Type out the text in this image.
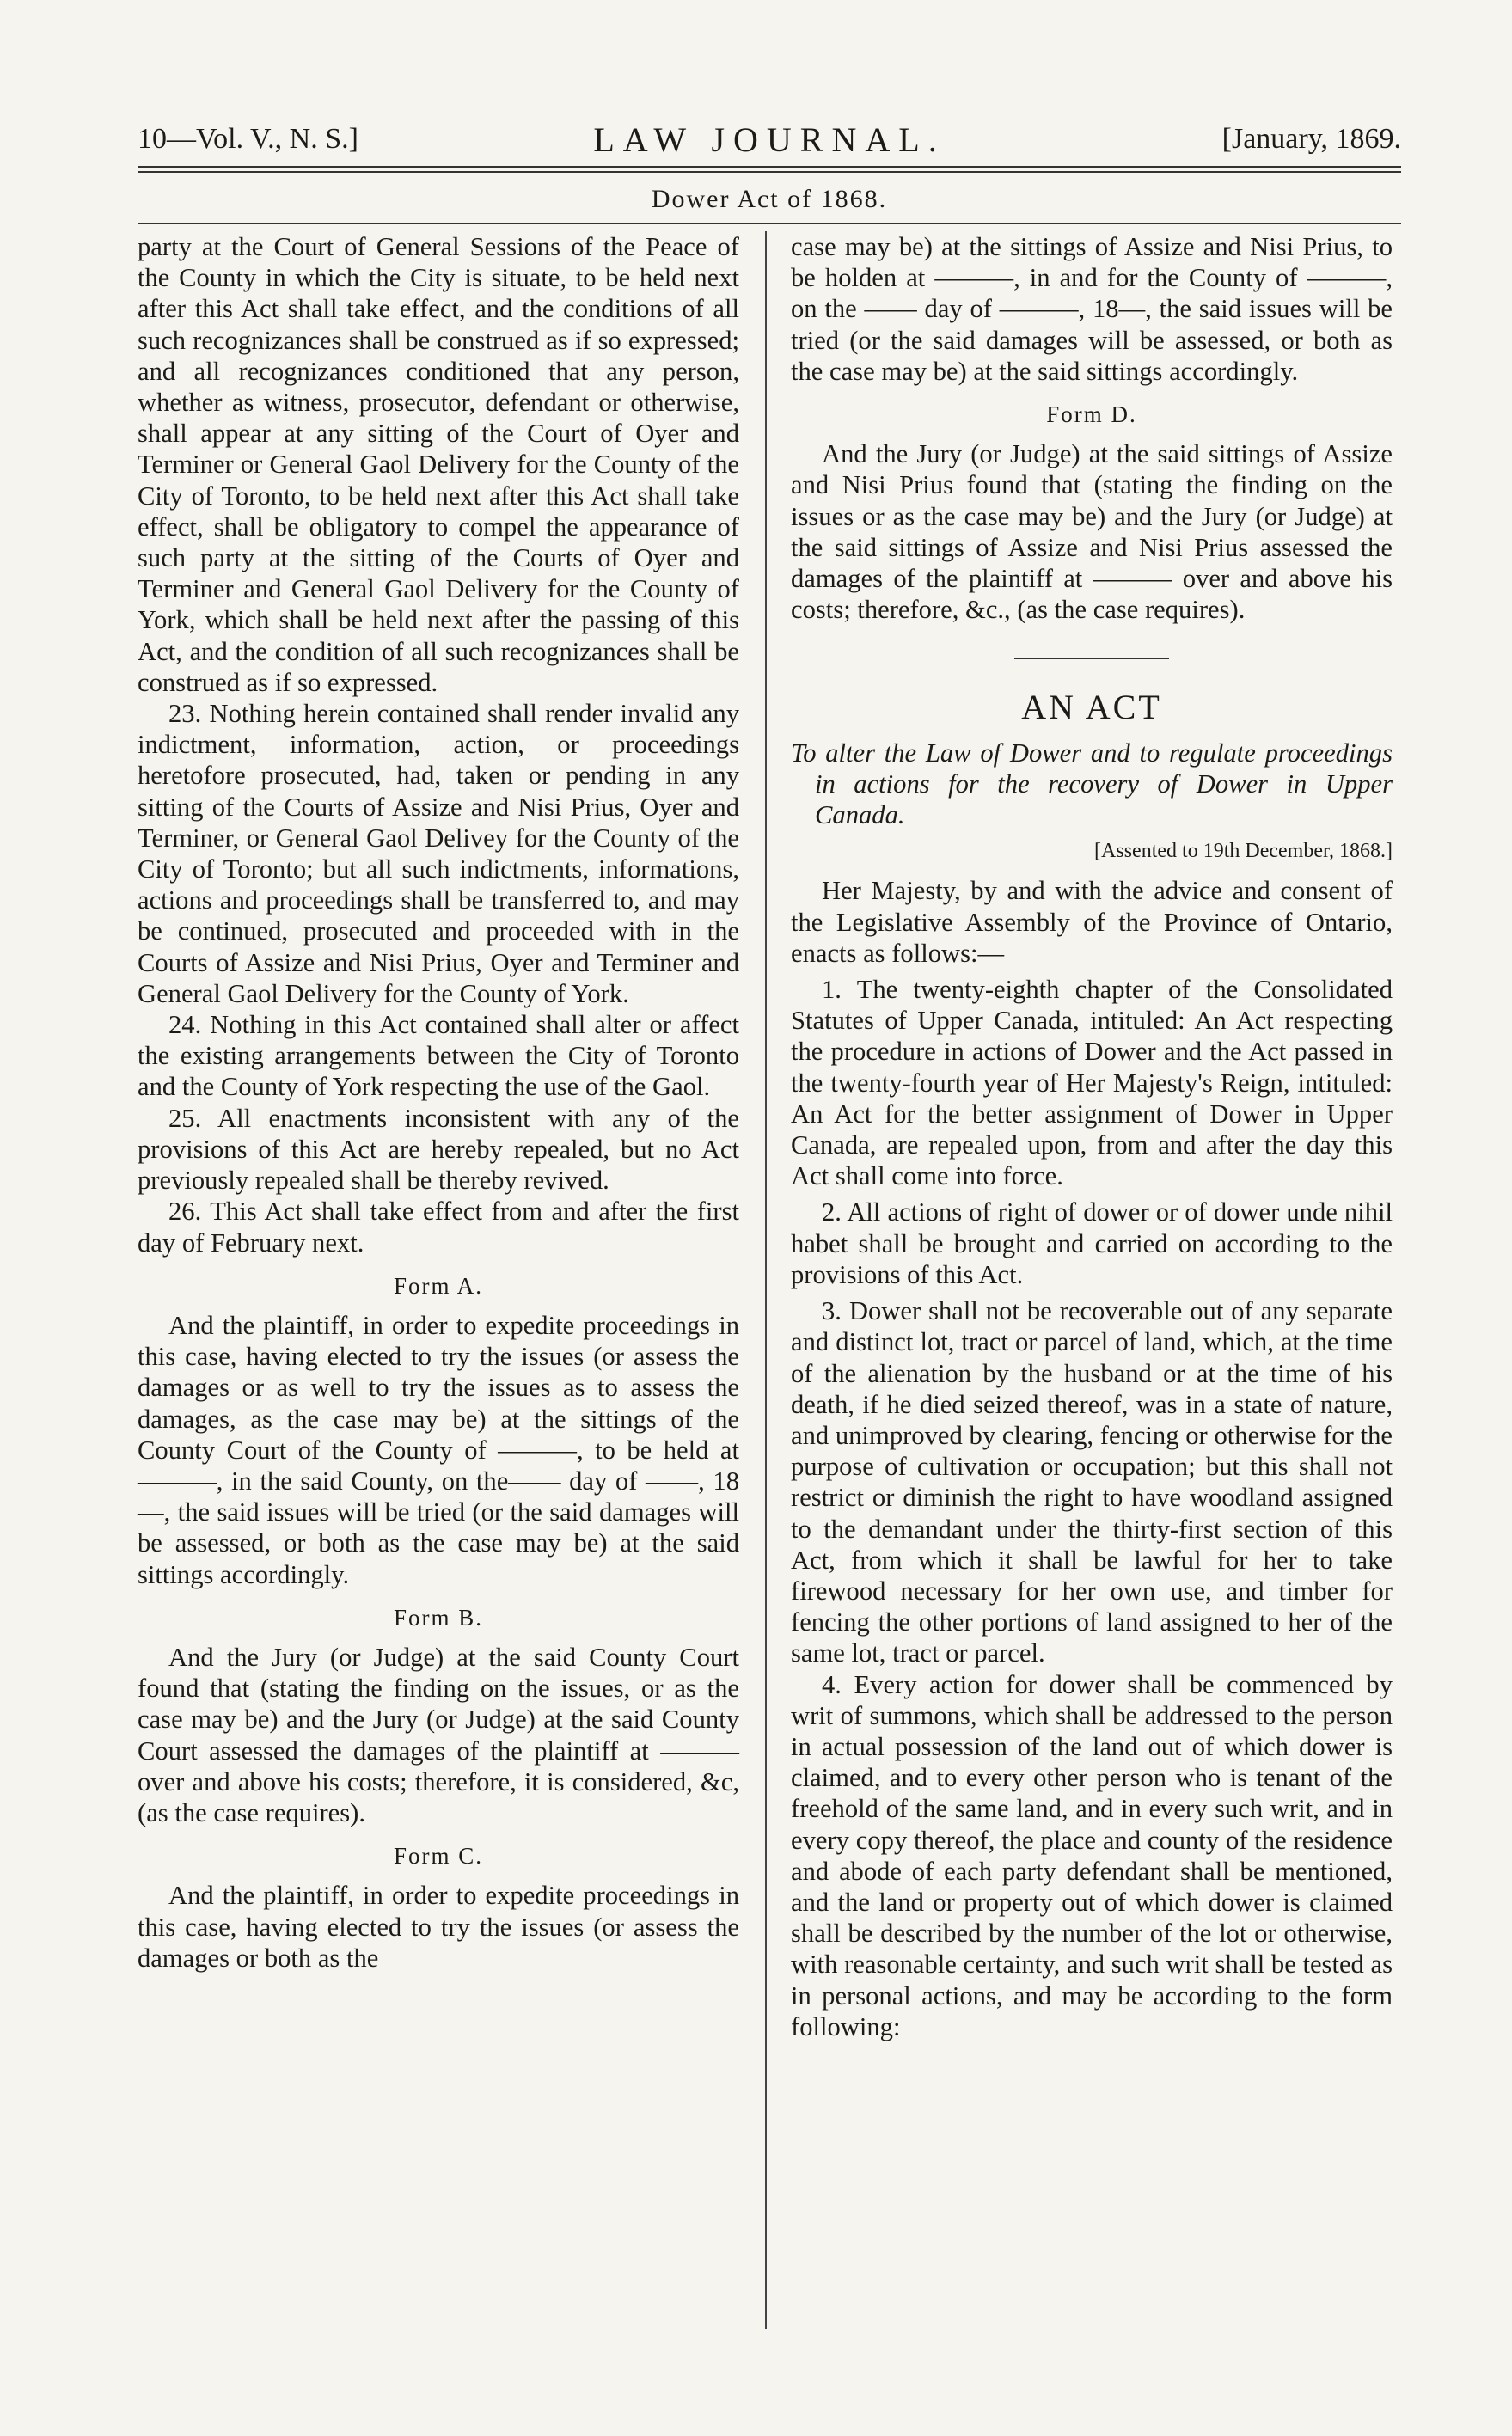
10—Vol. V., N. S.]	LAW JOURNAL.	[January, 1869.
Dower Act of 1868.

party at the Court of General Sessions of the Peace of the County in which the City is situate, to be held next after this Act shall take effect, and the conditions of all such recognizances shall be construed as if so expressed; and all recognizances conditioned that any person, whether as witness, prosecutor, defendant or otherwise, shall appear at any sitting of the Court of Oyer and Terminer or General Gaol Delivery for the County of the City of Toronto, to be held next after this Act shall take effect, shall be obligatory to compel the appearance of such party at the sitting of the Courts of Oyer and Terminer and General Gaol Delivery for the County of York, which shall be held next after the passing of this Act, and the condition of all such recognizances shall be construed as if so expressed.

23. Nothing herein contained shall render invalid any indictment, information, action, or proceedings heretofore prosecuted, had, taken or pending in any sitting of the Courts of Assize and Nisi Prius, Oyer and Terminer, or General Gaol Delivey for the County of the City of Toronto; but all such indictments, informations, actions and proceedings shall be transferred to, and may be continued, prosecuted and proceeded with in the Courts of Assize and Nisi Prius, Oyer and Terminer and General Gaol Delivery for the County of York.

24. Nothing in this Act contained shall alter or affect the existing arrangements between the City of Toronto and the County of York respecting the use of the Gaol.

25. All enactments inconsistent with any of the provisions of this Act are hereby repealed, but no Act previously repealed shall be thereby revived.

26. This Act shall take effect from and after the first day of February next.

Form A.

And the plaintiff, in order to expedite proceedings in this case, having elected to try the issues (or assess the damages or as well to try the issues as to assess the damages, as the case may be) at the sittings of the County Court of the County of ———, to be held at———, in the said County, on the—— day of ——, 18—, the said issues will be tried (or the said damages will be assessed, or both as the case may be) at the said sittings accordingly.

Form B.

And the Jury (or Judge) at the said County Court found that (stating the finding on the issues, or as the case may be) and the Jury (or Judge) at the said County Court assessed the damages of the plaintiff at ——— over and above his costs; therefore, it is considered, &c, (as the case requires).

Form C.

And the plaintiff, in order to expedite proceedings in this case, having elected to try the issues (or assess the damages or both as the

case may be) at the sittings of Assize and Nisi Prius, to be holden at ———, in and for the County of ———, on the —— day of ———, 18—, the said issues will be tried (or the said damages will be assessed, or both as the case may be) at the said sittings accordingly.

Form D.

And the Jury (or Judge) at the said sittings of Assize and Nisi Prius found that (stating the finding on the issues or as the case may be) and the Jury (or Judge) at the said sittings of Assize and Nisi Prius assessed the damages of the plaintiff at ——— over and above his costs; therefore, &c., (as the case requires).

AN ACT
To alter the Law of Dower and to regulate proceedings in actions for the recovery of Dower in Upper Canada.
[Assented to 19th December, 1868.]

Her Majesty, by and with the advice and consent of the Legislative Assembly of the Province of Ontario, enacts as follows:—

1. The twenty-eighth chapter of the Consolidated Statutes of Upper Canada, intituled: An Act respecting the procedure in actions of Dower and the Act passed in the twenty-fourth year of Her Majesty's Reign, intituled: An Act for the better assignment of Dower in Upper Canada, are repealed upon, from and after the day this Act shall come into force.

2. All actions of right of dower or of dower unde nihil habet shall be brought and carried on according to the provisions of this Act.

3. Dower shall not be recoverable out of any separate and distinct lot, tract or parcel of land, which, at the time of the alienation by the husband or at the time of his death, if he died seized thereof, was in a state of nature, and unimproved by clearing, fencing or otherwise for the purpose of cultivation or occupation; but this shall not restrict or diminish the right to have woodland assigned to the demandant under the thirty-first section of this Act, from which it shall be lawful for her to take firewood necessary for her own use, and timber for fencing the other portions of land assigned to her of the same lot, tract or parcel.

4. Every action for dower shall be commenced by writ of summons, which shall be addressed to the person in actual possession of the land out of which dower is claimed, and to every other person who is tenant of the freehold of the same land, and in every such writ, and in every copy thereof, the place and county of the residence and abode of each party defendant shall be mentioned, and the land or property out of which dower is claimed shall be described by the number of the lot or otherwise, with reasonable certainty, and such writ shall be tested as in personal actions, and may be according to the form following:
